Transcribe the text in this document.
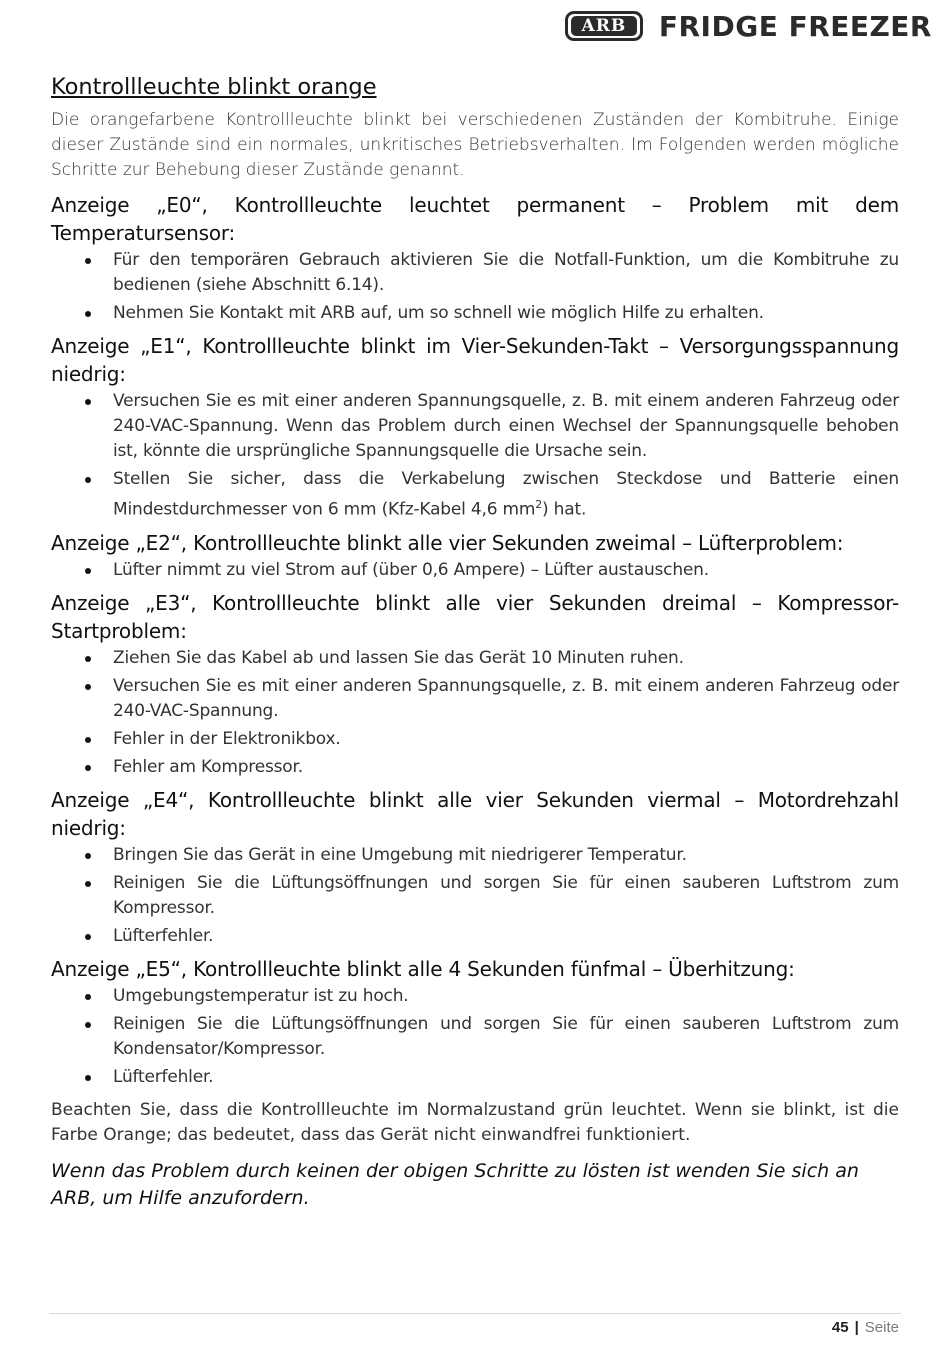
ARB	FRIDGE FREEZER
Kontrollleuchte blinkt orange

Die orangefarbene Kontrollleuchte blinkt bei verschiedenen Zuständen der Kombitruhe. Einige dieser Zustände sind ein normales, unkritisches Betriebsverhalten. Im Folgenden werden mögliche Schritte zur Behebung dieser Zustände genannt.

Anzeige „E0“, Kontrollleuchte leuchtet permanent – Problem mit dem Temperatursensor:

Für den temporären Gebrauch aktivieren Sie die Notfall-Funktion, um die Kombitruhe zu bedienen (siehe Abschnitt 6.14).
Nehmen Sie Kontakt mit ARB auf, um so schnell wie möglich Hilfe zu erhalten.

Anzeige „E1“, Kontrollleuchte blinkt im Vier-Sekunden-Takt – Versorgungsspannung niedrig:

Versuchen Sie es mit einer anderen Spannungsquelle, z. B. mit einem anderen Fahrzeug oder 240-VAC-Spannung. Wenn das Problem durch einen Wechsel der Spannungsquelle behoben ist, könnte die ursprüngliche Spannungsquelle die Ursache sein.
Stellen Sie sicher, dass die Verkabelung zwischen Steckdose und Batterie einen Mindestdurchmesser von 6 mm (Kfz-Kabel 4,6 $mm^2$) hat.

Anzeige „E2“, Kontrollleuchte blinkt alle vier Sekunden zweimal – Lüfterproblem:

Lüfter nimmt zu viel Strom auf (über 0,6 Ampere) – Lüfter austauschen.

Anzeige „E3“, Kontrollleuchte blinkt alle vier Sekunden dreimal – Kompressor-Startproblem:

Ziehen Sie das Kabel ab und lassen Sie das Gerät 10 Minuten ruhen.
Versuchen Sie es mit einer anderen Spannungsquelle, z. B. mit einem anderen Fahrzeug oder 240-VAC-Spannung.
Fehler in der Elektronikbox.
Fehler am Kompressor.

Anzeige „E4“, Kontrollleuchte blinkt alle vier Sekunden viermal – Motordrehzahl niedrig:

Bringen Sie das Gerät in eine Umgebung mit niedrigerer Temperatur.
Reinigen Sie die Lüftungsöffnungen und sorgen Sie für einen sauberen Luftstrom zum Kompressor.
Lüfterfehler.

Anzeige „E5“, Kontrollleuchte blinkt alle 4 Sekunden fünfmal – Überhitzung:

Umgebungstemperatur ist zu hoch.
Reinigen Sie die Lüftungsöffnungen und sorgen Sie für einen sauberen Luftstrom zum Kondensator/Kompressor.
Lüfterfehler.

Beachten Sie, dass die Kontrollleuchte im Normalzustand grün leuchtet. Wenn sie blinkt, ist die Farbe Orange; das bedeutet, dass das Gerät nicht einwandfrei funktioniert.

Wenn das Problem durch keinen der obigen Schritte zu lösten ist wenden Sie sich an ARB, um Hilfe anzufordern.

45 | Seite
